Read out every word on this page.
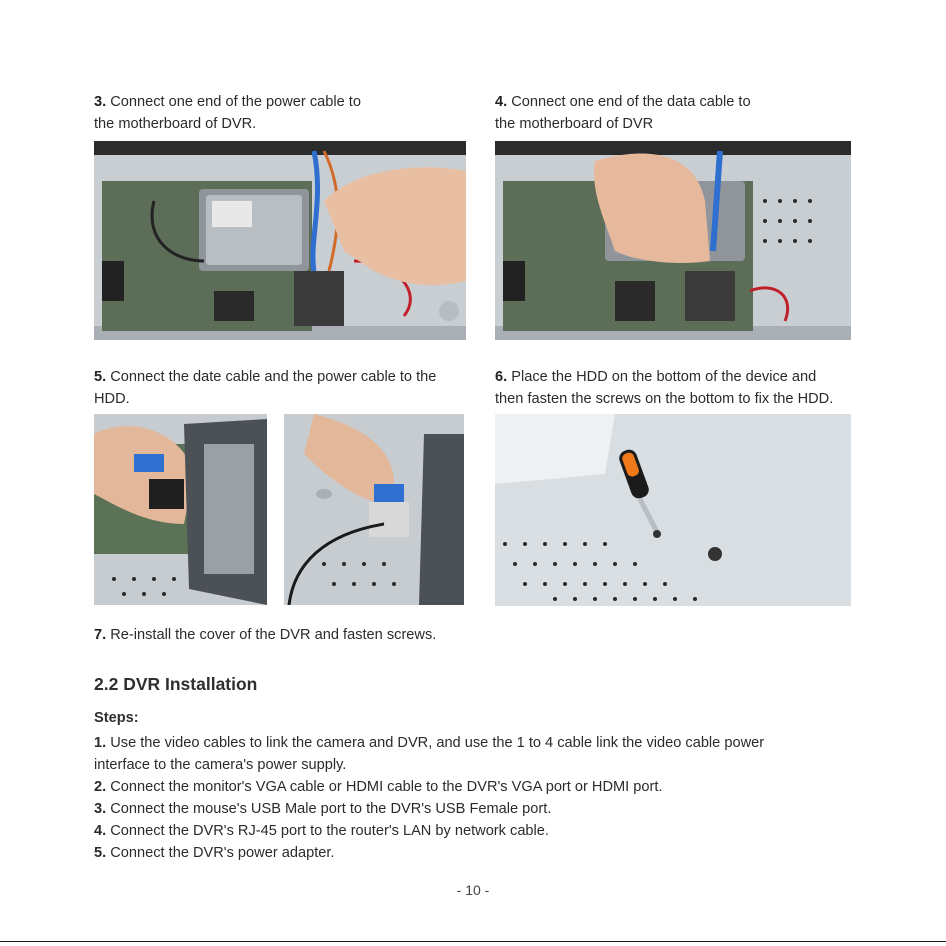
3. Connect one end of the power cable to
the motherboard of DVR.
4. Connect one end of the data cable to
the motherboard of DVR
5. Connect the date cable and the power cable to the
HDD.
6. Place the HDD on the bottom of the device and
then fasten the screws on the bottom to fix the HDD.
7. Re-install the cover of the DVR and fasten screws.
2.2 DVR Installation
Steps:
1. Use the video cables to link the camera and DVR, and use the 1 to 4 cable link the video cable power
interface to the camera's power supply.
2. Connect the monitor's VGA cable or HDMI cable to the DVR's VGA port or HDMI port.
3. Connect the mouse's USB Male port to the DVR's USB Female port.
4. Connect the DVR's RJ-45 port to the router's LAN by network cable.
5. Connect the DVR's power adapter.
- 10 -
